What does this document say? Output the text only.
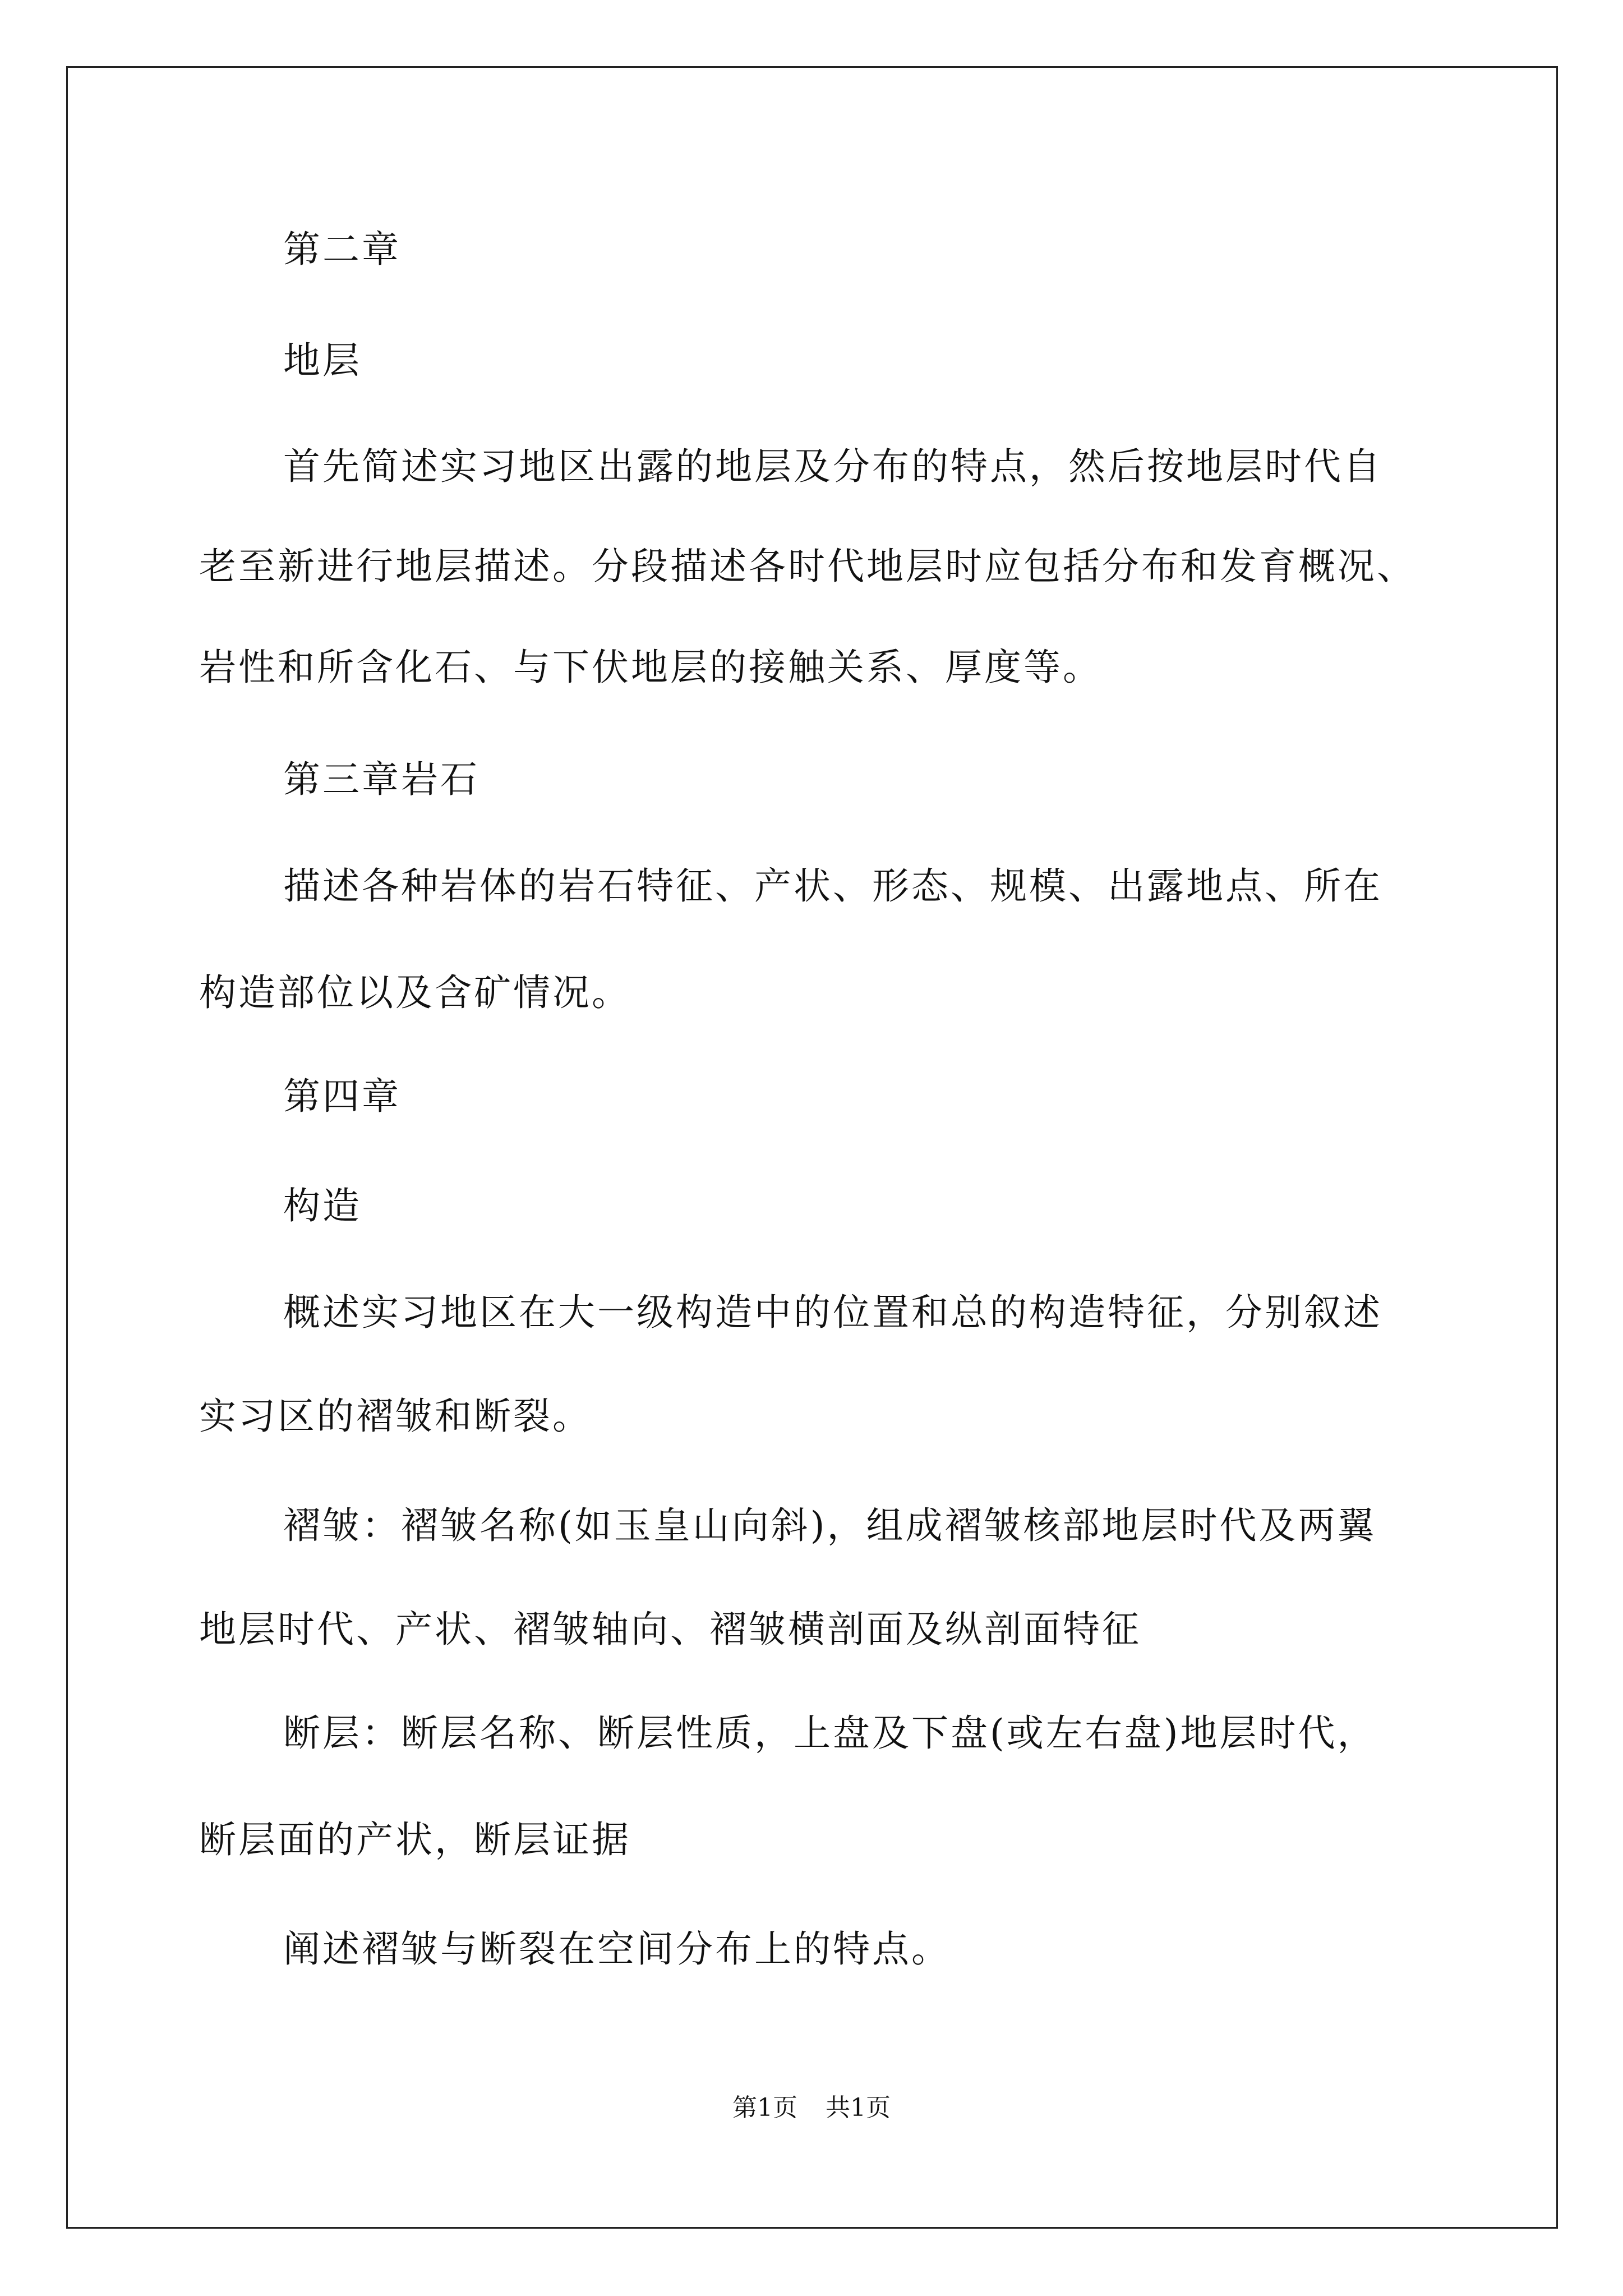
第二章
地层
首先简述实习地区出露的地层及分布的特点，然后按地层时代自
老至新进行地层描述。分段描述各时代地层时应包括分布和发育概况、
岩性和所含化石、与下伏地层的接触关系、厚度等。
第三章岩石
描述各种岩体的岩石特征、产状、形态、规模、出露地点、所在
构造部位以及含矿情况。
第四章
构造
概述实习地区在大一级构造中的位置和总的构造特征，分别叙述
实习区的褶皱和断裂。
褶皱：褶皱名称(如玉皇山向斜)，组成褶皱核部地层时代及两翼
地层时代、产状、褶皱轴向、褶皱横剖面及纵剖面特征
断层：断层名称、断层性质，上盘及下盘(或左右盘)地层时代，
断层面的产状，断层证据
阐述褶皱与断裂在空间分布上的特点。
第1页 共1页
